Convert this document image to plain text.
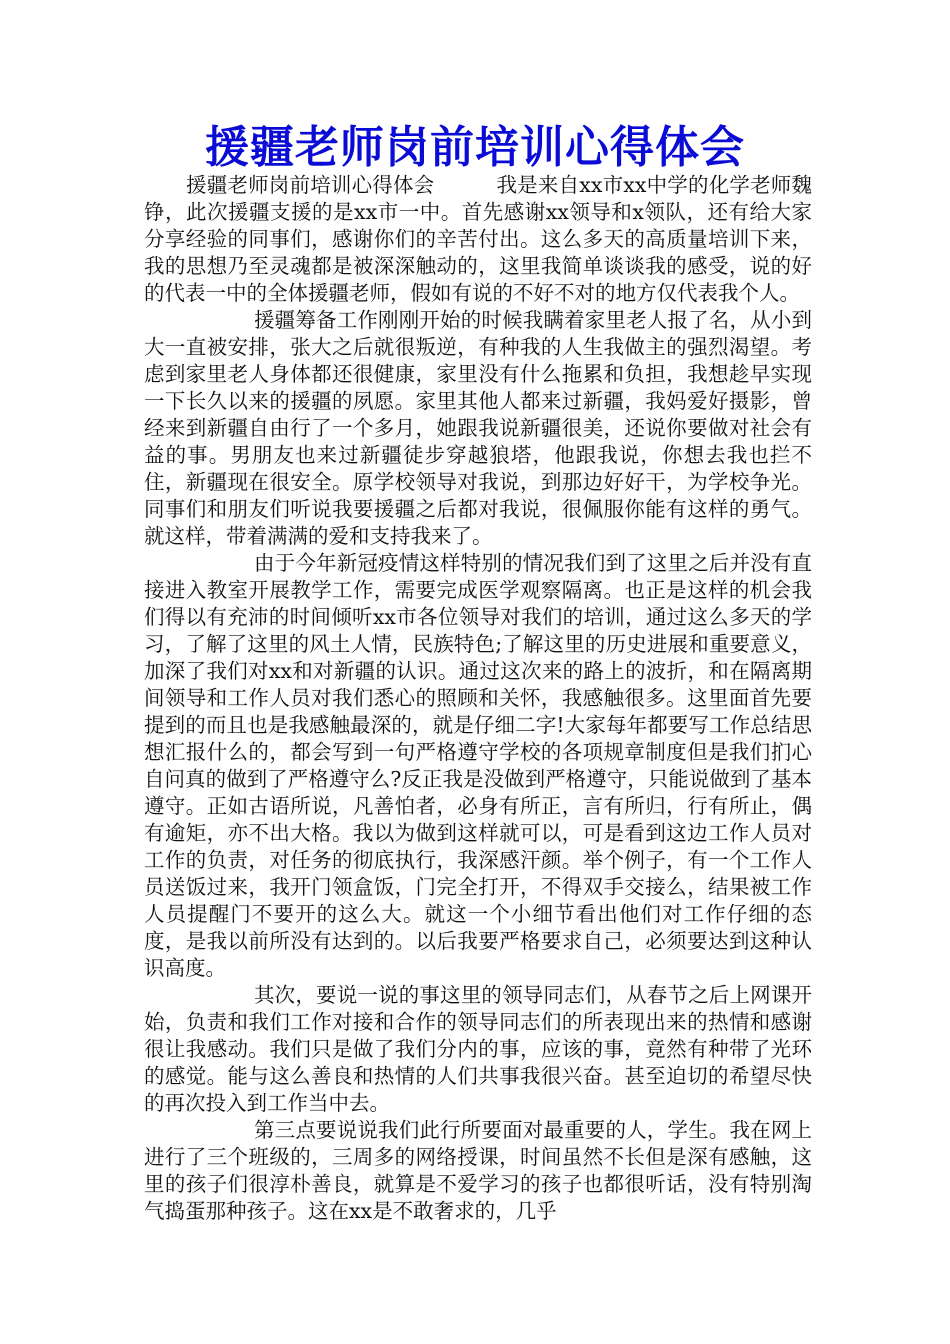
援疆老师岗前培训心得体会

援疆老师岗前培训心得体会　　　我是来自xx市xx中学的化学老师魏铮，此次援疆支援的是xx市一中。首先感谢xx领导和x领队，还有给大家分享经验的同事们，感谢你们的辛苦付出。这么多天的高质量培训下来，我的思想乃至灵魂都是被深深触动的，这里我简单谈谈我的感受，说的好的代表一中的全体援疆老师，假如有说的不好不对的地方仅代表我个人。

援疆筹备工作刚刚开始的时候我瞒着家里老人报了名，从小到大一直被安排，张大之后就很叛逆，有种我的人生我做主的强烈渴望。考虑到家里老人身体都还很健康，家里没有什么拖累和负担，我想趁早实现一下长久以来的援疆的夙愿。家里其他人都来过新疆，我妈爱好摄影，曾经来到新疆自由行了一个多月，她跟我说新疆很美，还说你要做对社会有益的事。男朋友也来过新疆徒步穿越狼塔，他跟我说，你想去我也拦不住，新疆现在很安全。原学校领导对我说，到那边好好干，为学校争光。同事们和朋友们听说我要援疆之后都对我说，很佩服你能有这样的勇气。就这样，带着满满的爱和支持我来了。

由于今年新冠疫情这样特别的情况我们到了这里之后并没有直接进入教室开展教学工作，需要完成医学观察隔离。也正是这样的机会我们得以有充沛的时间倾听xx市各位领导对我们的培训，通过这么多天的学习，了解了这里的风土人情，民族特色;了解这里的历史进展和重要意义，加深了我们对xx和对新疆的认识。通过这次来的路上的波折，和在隔离期间领导和工作人员对我们悉心的照顾和关怀，我感触很多。这里面首先要提到的而且也是我感触最深的，就是仔细二字!大家每年都要写工作总结思想汇报什么的，都会写到一句严格遵守学校的各项规章制度但是我们扪心自问真的做到了严格遵守么?反正我是没做到严格遵守，只能说做到了基本遵守。正如古语所说，凡善怕者，必身有所正，言有所归，行有所止，偶有逾矩，亦不出大格。我以为做到这样就可以，可是看到这边工作人员对工作的负责，对任务的彻底执行，我深感汗颜。举个例子，有一个工作人员送饭过来，我开门领盒饭，门完全打开，不得双手交接么，结果被工作人员提醒门不要开的这么大。就这一个小细节看出他们对工作仔细的态度，是我以前所没有达到的。以后我要严格要求自己，必须要达到这种认识高度。

其次，要说一说的事这里的领导同志们，从春节之后上网课开始，负责和我们工作对接和合作的领导同志们的所表现出来的热情和感谢很让我感动。我们只是做了我们分内的事，应该的事，竟然有种带了光环的感觉。能与这么善良和热情的人们共事我很兴奋。甚至迫切的希望尽快的再次投入到工作当中去。

第三点要说说我们此行所要面对最重要的人，学生。我在网上进行了三个班级的，三周多的网络授课，时间虽然不长但是深有感触，这里的孩子们很淳朴善良，就算是不爱学习的孩子也都很听话，没有特别淘气捣蛋那种孩子。这在xx是不敢奢求的，几乎
